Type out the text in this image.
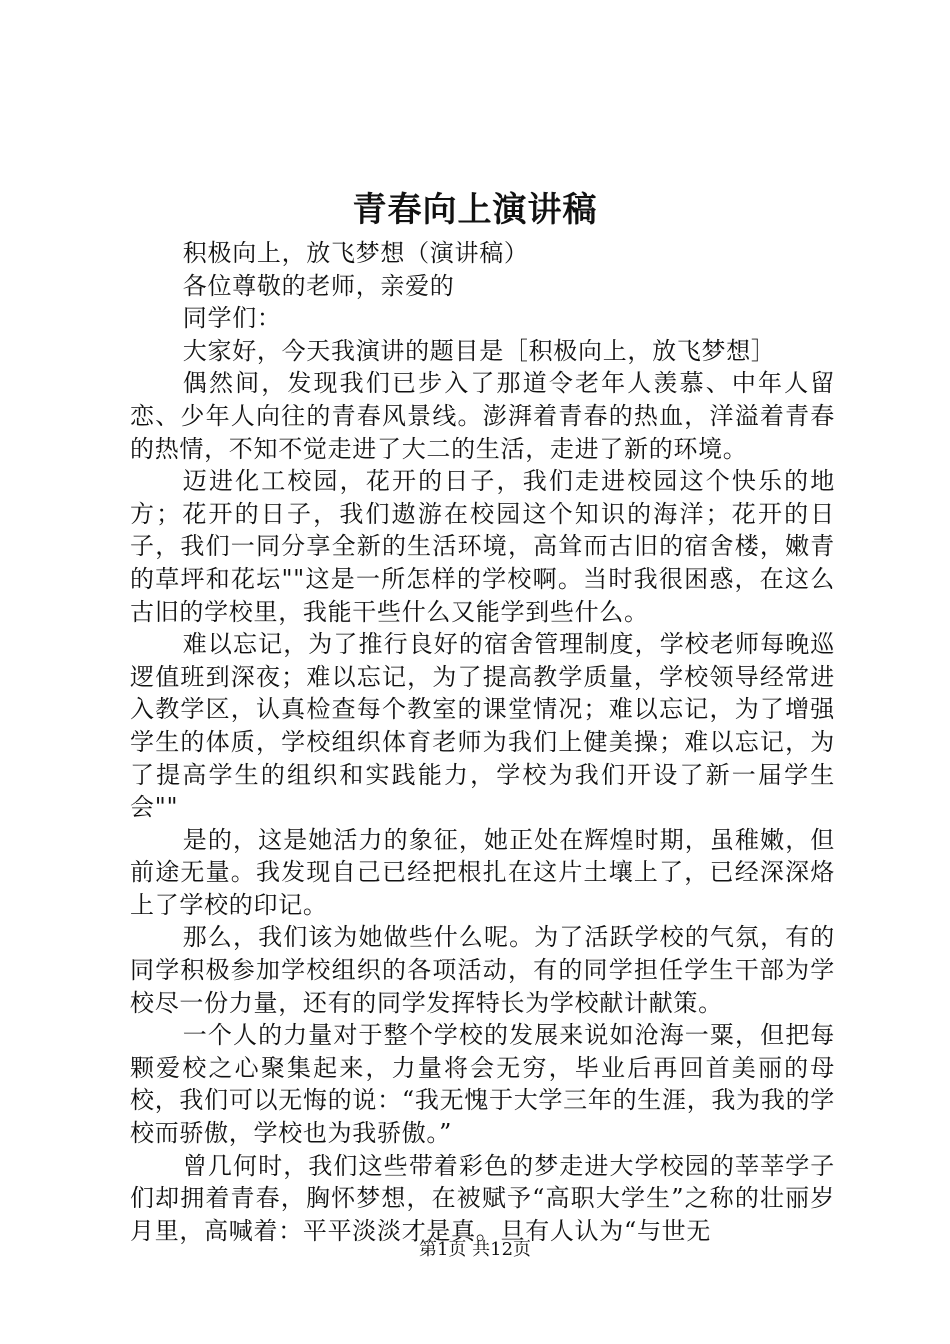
青春向上演讲稿

积极向上，放飞梦想（演讲稿）

各位尊敬的老师，亲爱的

同学们：

大家好，今天我演讲的题目是［积极向上，放飞梦想］

偶然间，发现我们已步入了那道令老年人羡慕、中年人留恋、少年人向往的青春风景线。澎湃着青春的热血，洋溢着青春的热情，不知不觉走进了大二的生活，走进了新的环境。

迈进化工校园，花开的日子，我们走进校园这个快乐的地方；花开的日子，我们遨游在校园这个知识的海洋；花开的日子，我们一同分享全新的生活环境，高耸而古旧的宿舍楼，嫩青的草坪和花坛""这是一所怎样的学校啊。当时我很困惑，在这么古旧的学校里，我能干些什么又能学到些什么。

难以忘记，为了推行良好的宿舍管理制度，学校老师每晚巡逻值班到深夜；难以忘记，为了提高教学质量，学校领导经常进入教学区，认真检查每个教室的课堂情况；难以忘记，为了增强学生的体质，学校组织体育老师为我们上健美操；难以忘记，为了提高学生的组织和实践能力，学校为我们开设了新一届学生会""

是的，这是她活力的象征，她正处在辉煌时期，虽稚嫩，但前途无量。我发现自己已经把根扎在这片土壤上了，已经深深烙上了学校的印记。

那么，我们该为她做些什么呢。为了活跃学校的气氛，有的同学积极参加学校组织的各项活动，有的同学担任学生干部为学校尽一份力量，还有的同学发挥特长为学校献计献策。

一个人的力量对于整个学校的发展来说如沧海一粟，但把每颗爱校之心聚集起来，力量将会无穷，毕业后再回首美丽的母校，我们可以无悔的说：“我无愧于大学三年的生涯，我为我的学校而骄傲，学校也为我骄傲。”

曾几何时，我们这些带着彩色的梦走进大学校园的莘莘学子们却拥着青春，胸怀梦想，在被赋予“高职大学生”之称的壮丽岁月里，高喊着：平平淡淡才是真。旦有人认为“与世无

第1页 共12页
